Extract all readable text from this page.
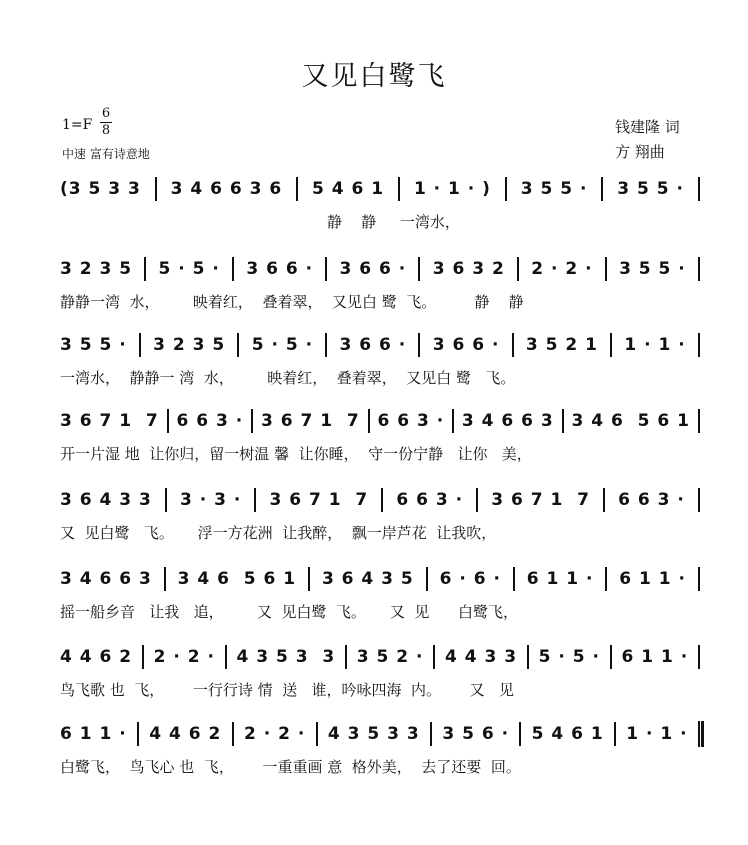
又见白鹭飞
1=F
6
8
中速 富有诗意地
钱建隆 词
方 翔曲
(3 5 3 3 3 4 6 6 3 6 5 4 6 1 1 · 1 · ) 3 5 5 · 3 5 5 ·
静    静     一湾水，
3 2 3 5 5 · 5 · 3 6 6 · 3 6 6 · 3 6 3 2 2 · 2 · 3 5 5 ·
静静一湾  水，       映着红，  叠着翠，  又见白 鹭  飞。        静    静
3 5 5 · 3 2 3 5 5 · 5 · 3 6 6 · 3 6 6 · 3 5 2 1 1 · 1 ·
一湾水，  静静一 湾  水，       映着红，  叠着翠，  又见白 鹭   飞。
3 6 7 1  7 6 6 3 · 3 6 7 1  7 6 6 3 · 3 4 6 6 3 3 4 6  5 6 1
开一片湿 地  让你归，留一树温 馨  让你睡，  守一份宁静   让你   美，
3 6 4 3 3 3 · 3 · 3 6 7 1  7 6 6 3 · 3 6 7 1  7 6 6 3 ·
又  见白鹭   飞。     浮一方花洲  让我醉，  飘一岸芦花  让我吹，
3 4 6 6 3 3 4 6  5 6 1 3 6 4 3 5 6 · 6 · 6 1 1 · 6 1 1 ·
摇一船乡音   让我   追，       又  见白鹭  飞。     又  见      白鹭飞，
4 4 6 2 2 · 2 · 4 3 5 3  3 3 5 2 · 4 4 3 3 5 · 5 · 6 1 1 ·
鸟飞歌 也  飞，      一行行诗 情  送   谁，吟咏四海  内。      又   见
6 1 1 · 4 4 6 2 2 · 2 · 4 3 5 3 3 3 5 6 · 5 4 6 1 1 · 1 ·
白鹭飞，  鸟飞心 也  飞，      一重重画 意  格外美，  去了还要  回。
